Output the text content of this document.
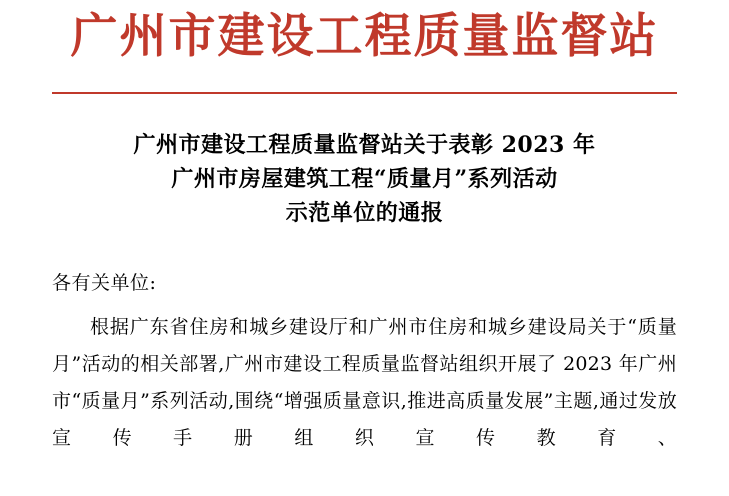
广州市建设工程质量监督站
广州市建设工程质量监督站关于表彰 2023 年
广州市房屋建筑工程“质量月”系列活动
示范单位的通报
各有关单位:
根据广东省住房和城乡建设厅和广州市住房和城乡建设局关于“质量月”活动的相关部署,广州市建设工程质量监督站组织开展了 2023 年广州市“质量月”系列活动,围绕“增强质量意识,推进高质量发展”主题,通过发放宣传手册组织宣传教育、
